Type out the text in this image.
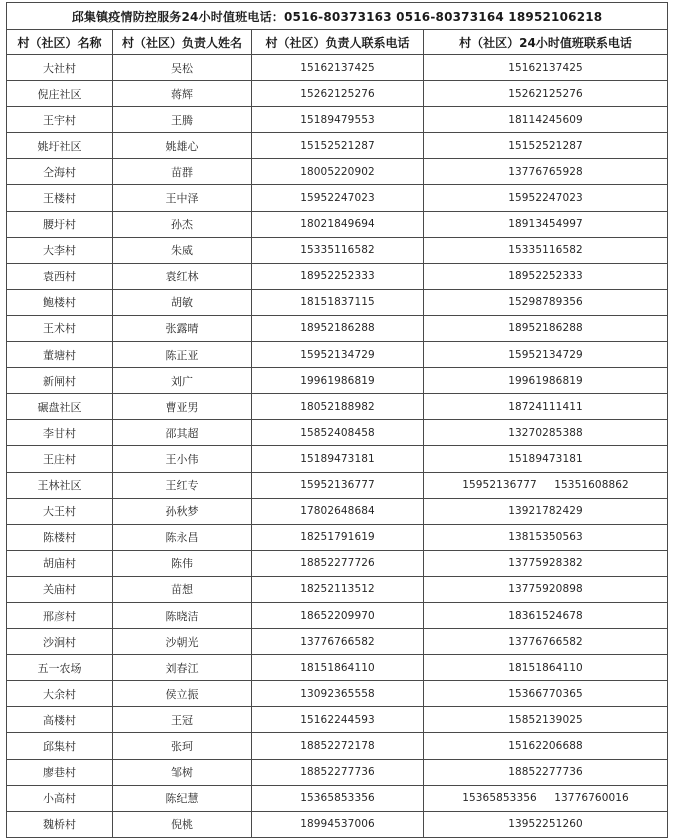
邱集镇疫情防控服务24小时值班电话：0516-80373163 0516-80373164 18952106218			
村（社区）名称	村（社区）负责人姓名	村（社区）负责人联系电话	村（社区）24小时值班联系电话
大社村	吴松	15162137425	15162137425
倪庄社区	蒋辉	15262125276	15262125276
王宇村	王腾	15189479553	18114245609
姚圩社区	姚雄心	15152521287	15152521287
仝海村	苗群	18005220902	13776765928
王楼村	王中泽	15952247023	15952247023
腰圩村	孙杰	18021849694	18913454997
大李村	朱威	15335116582	15335116582
袁西村	袁红林	18952252333	18952252333
鲍楼村	胡敏	18151837115	15298789356
王术村	张露晴	18952186288	18952186288
董塘村	陈正亚	15952134729	15952134729
新闸村	刘广	19961986819	19961986819
碾盘社区	曹亚男	18052188982	18724111411
李甘村	邵其超	15852408458	13270285388
王庄村	王小伟	15189473181	15189473181
王林社区	王红专	15952136777	15952136777 15351608862
大王村	孙秋梦	17802648684	13921782429
陈楼村	陈永昌	18251791619	13815350563
胡庙村	陈伟	18852277726	13775928382
关庙村	苗想	18252113512	13775920898
邢彦村	陈晓洁	18652209970	18361524678
沙涧村	沙朝光	13776766582	13776766582
五一农场	刘春江	18151864110	18151864110
大余村	侯立振	13092365558	15366770365
高楼村	王冠	15162244593	15852139025
邱集村	张珂	18852272178	15162206688
廖巷村	邹树	18852277736	18852277736
小高村	陈纪慧	15365853356	15365853356 13776760016
魏桥村	倪桃	18994537006	13952251260
